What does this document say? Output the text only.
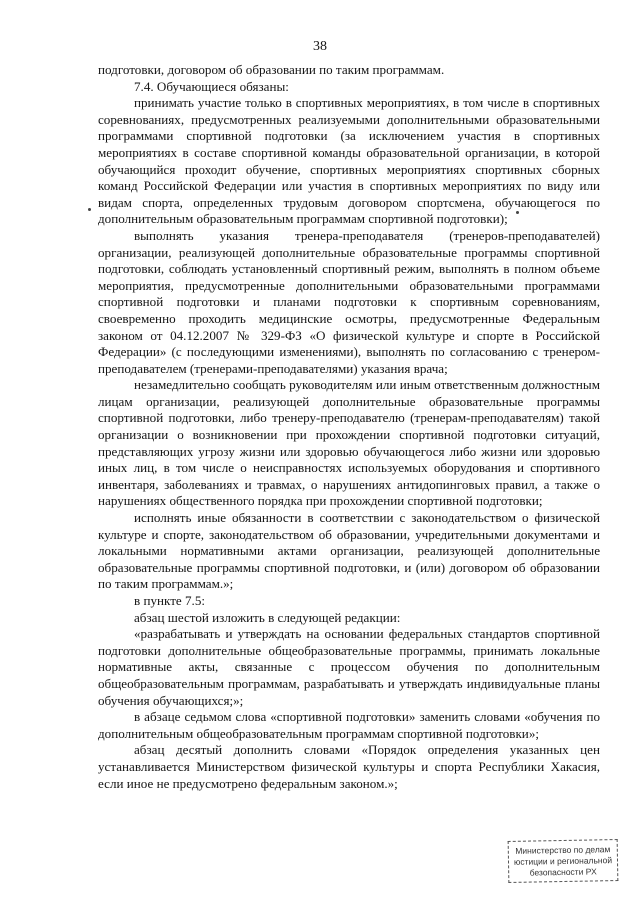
38

подготовки, договором об образовании по таким программам.

7.4. Обучающиеся обязаны:

принимать участие только в спортивных мероприятиях, в том числе в спортивных соревнованиях, предусмотренных реализуемыми дополнительными образовательными программами спортивной подготовки (за исключением участия в спортивных мероприятиях в составе спортивной команды образовательной организации, в которой обучающийся проходит обучение, спортивных мероприятиях спортивных сборных команд Российской Федерации или участия в спортивных мероприятиях по виду или видам спорта, определенных трудовым договором спортсмена, обучающегося по дополнительным образовательным программам спортивной подготовки);

выполнять указания тренера-преподавателя (тренеров-преподавателей) организации, реализующей дополнительные образовательные программы спортивной подготовки, соблюдать установленный спортивный режим, выполнять в полном объеме мероприятия, предусмотренные дополнительными образовательными программами спортивной подготовки и планами подготовки к спортивным соревнованиям, своевременно проходить медицинские осмотры, предусмотренные Федеральным законом от 04.12.2007 № 329-ФЗ «О физической культуре и спорте в Российской Федерации» (с последующими изменениями), выполнять по согласованию с тренером-преподавателем (тренерами-преподавателями) указания врача;

незамедлительно сообщать руководителям или иным ответственным должностным лицам организации, реализующей дополнительные образовательные программы спортивной подготовки, либо тренеру-преподавателю (тренерам-преподавателям) такой организации о возникновении при прохождении спортивной подготовки ситуаций, представляющих угрозу жизни или здоровью обучающегося либо жизни или здоровью иных лиц, в том числе о неисправностях используемых оборудования и спортивного инвентаря, заболеваниях и травмах, о нарушениях антидопинговых правил, а также о нарушениях общественного порядка при прохождении спортивной подготовки;

исполнять иные обязанности в соответствии с законодательством о физической культуре и спорте, законодательством об образовании, учредительными документами и локальными нормативными актами организации, реализующей дополнительные образовательные программы спортивной подготовки, и (или) договором об образовании по таким программам.»;

в пункте 7.5:

абзац шестой изложить в следующей редакции:

«разрабатывать и утверждать на основании федеральных стандартов спортивной подготовки дополнительные общеобразовательные программы, принимать локальные нормативные акты, связанные с процессом обучения по дополнительным общеобразовательным программам, разрабатывать и утверждать индивидуальные планы обучения обучающихся;»;

в абзаце седьмом слова «спортивной подготовки» заменить словами «обучения по дополнительным общеобразовательным программам спортивной подготовки»;

абзац десятый дополнить словами «Порядок определения указанных цен устанавливается Министерством физической культуры и спорта Республики Хакасия, если иное не предусмотрено федеральным законом.»;

Министерство по делам
юстиции и региональной
безопасности РХ
